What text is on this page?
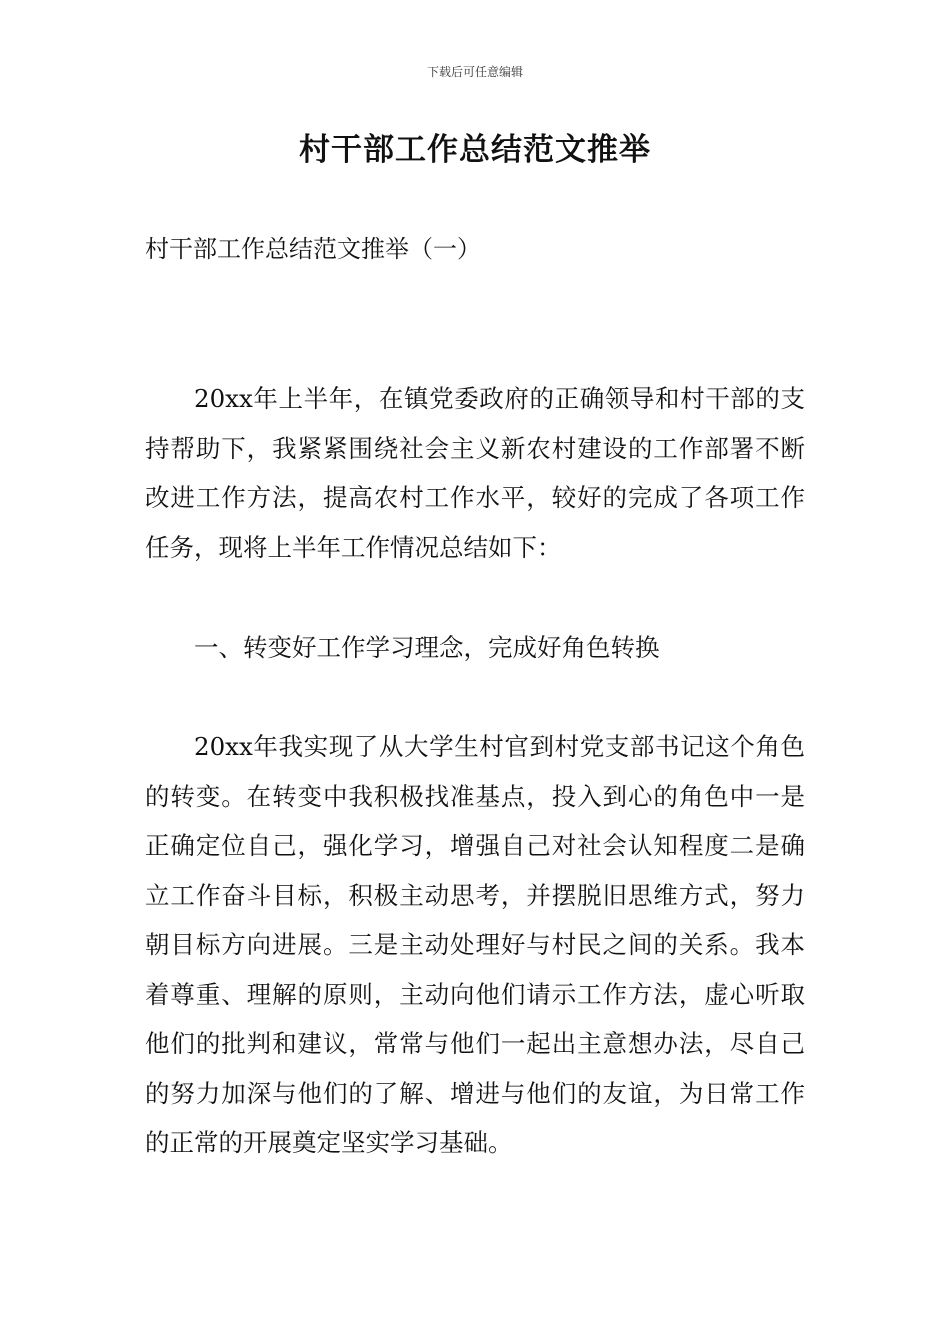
下载后可任意编辑
村干部工作总结范文推举

村干部工作总结范文推举（一）

20xx年上半年，在镇党委政府的正确领导和村干部的支持帮助下，我紧紧围绕社会主义新农村建设的工作部署不断改进工作方法，提高农村工作水平，较好的完成了各项工作任务，现将上半年工作情况总结如下：

一、转变好工作学习理念，完成好角色转换

20xx年我实现了从大学生村官到村党支部书记这个角色的转变。在转变中我积极找准基点，投入到心的角色中一是正确定位自己，强化学习，增强自己对社会认知程度二是确立工作奋斗目标，积极主动思考，并摆脱旧思维方式，努力朝目标方向进展。三是主动处理好与村民之间的关系。我本着尊重、理解的原则，主动向他们请示工作方法，虚心听取他们的批判和建议，常常与他们一起出主意想办法，尽自己的努力加深与他们的了解、增进与他们的友谊，为日常工作的正常的开展奠定坚实学习基础。
